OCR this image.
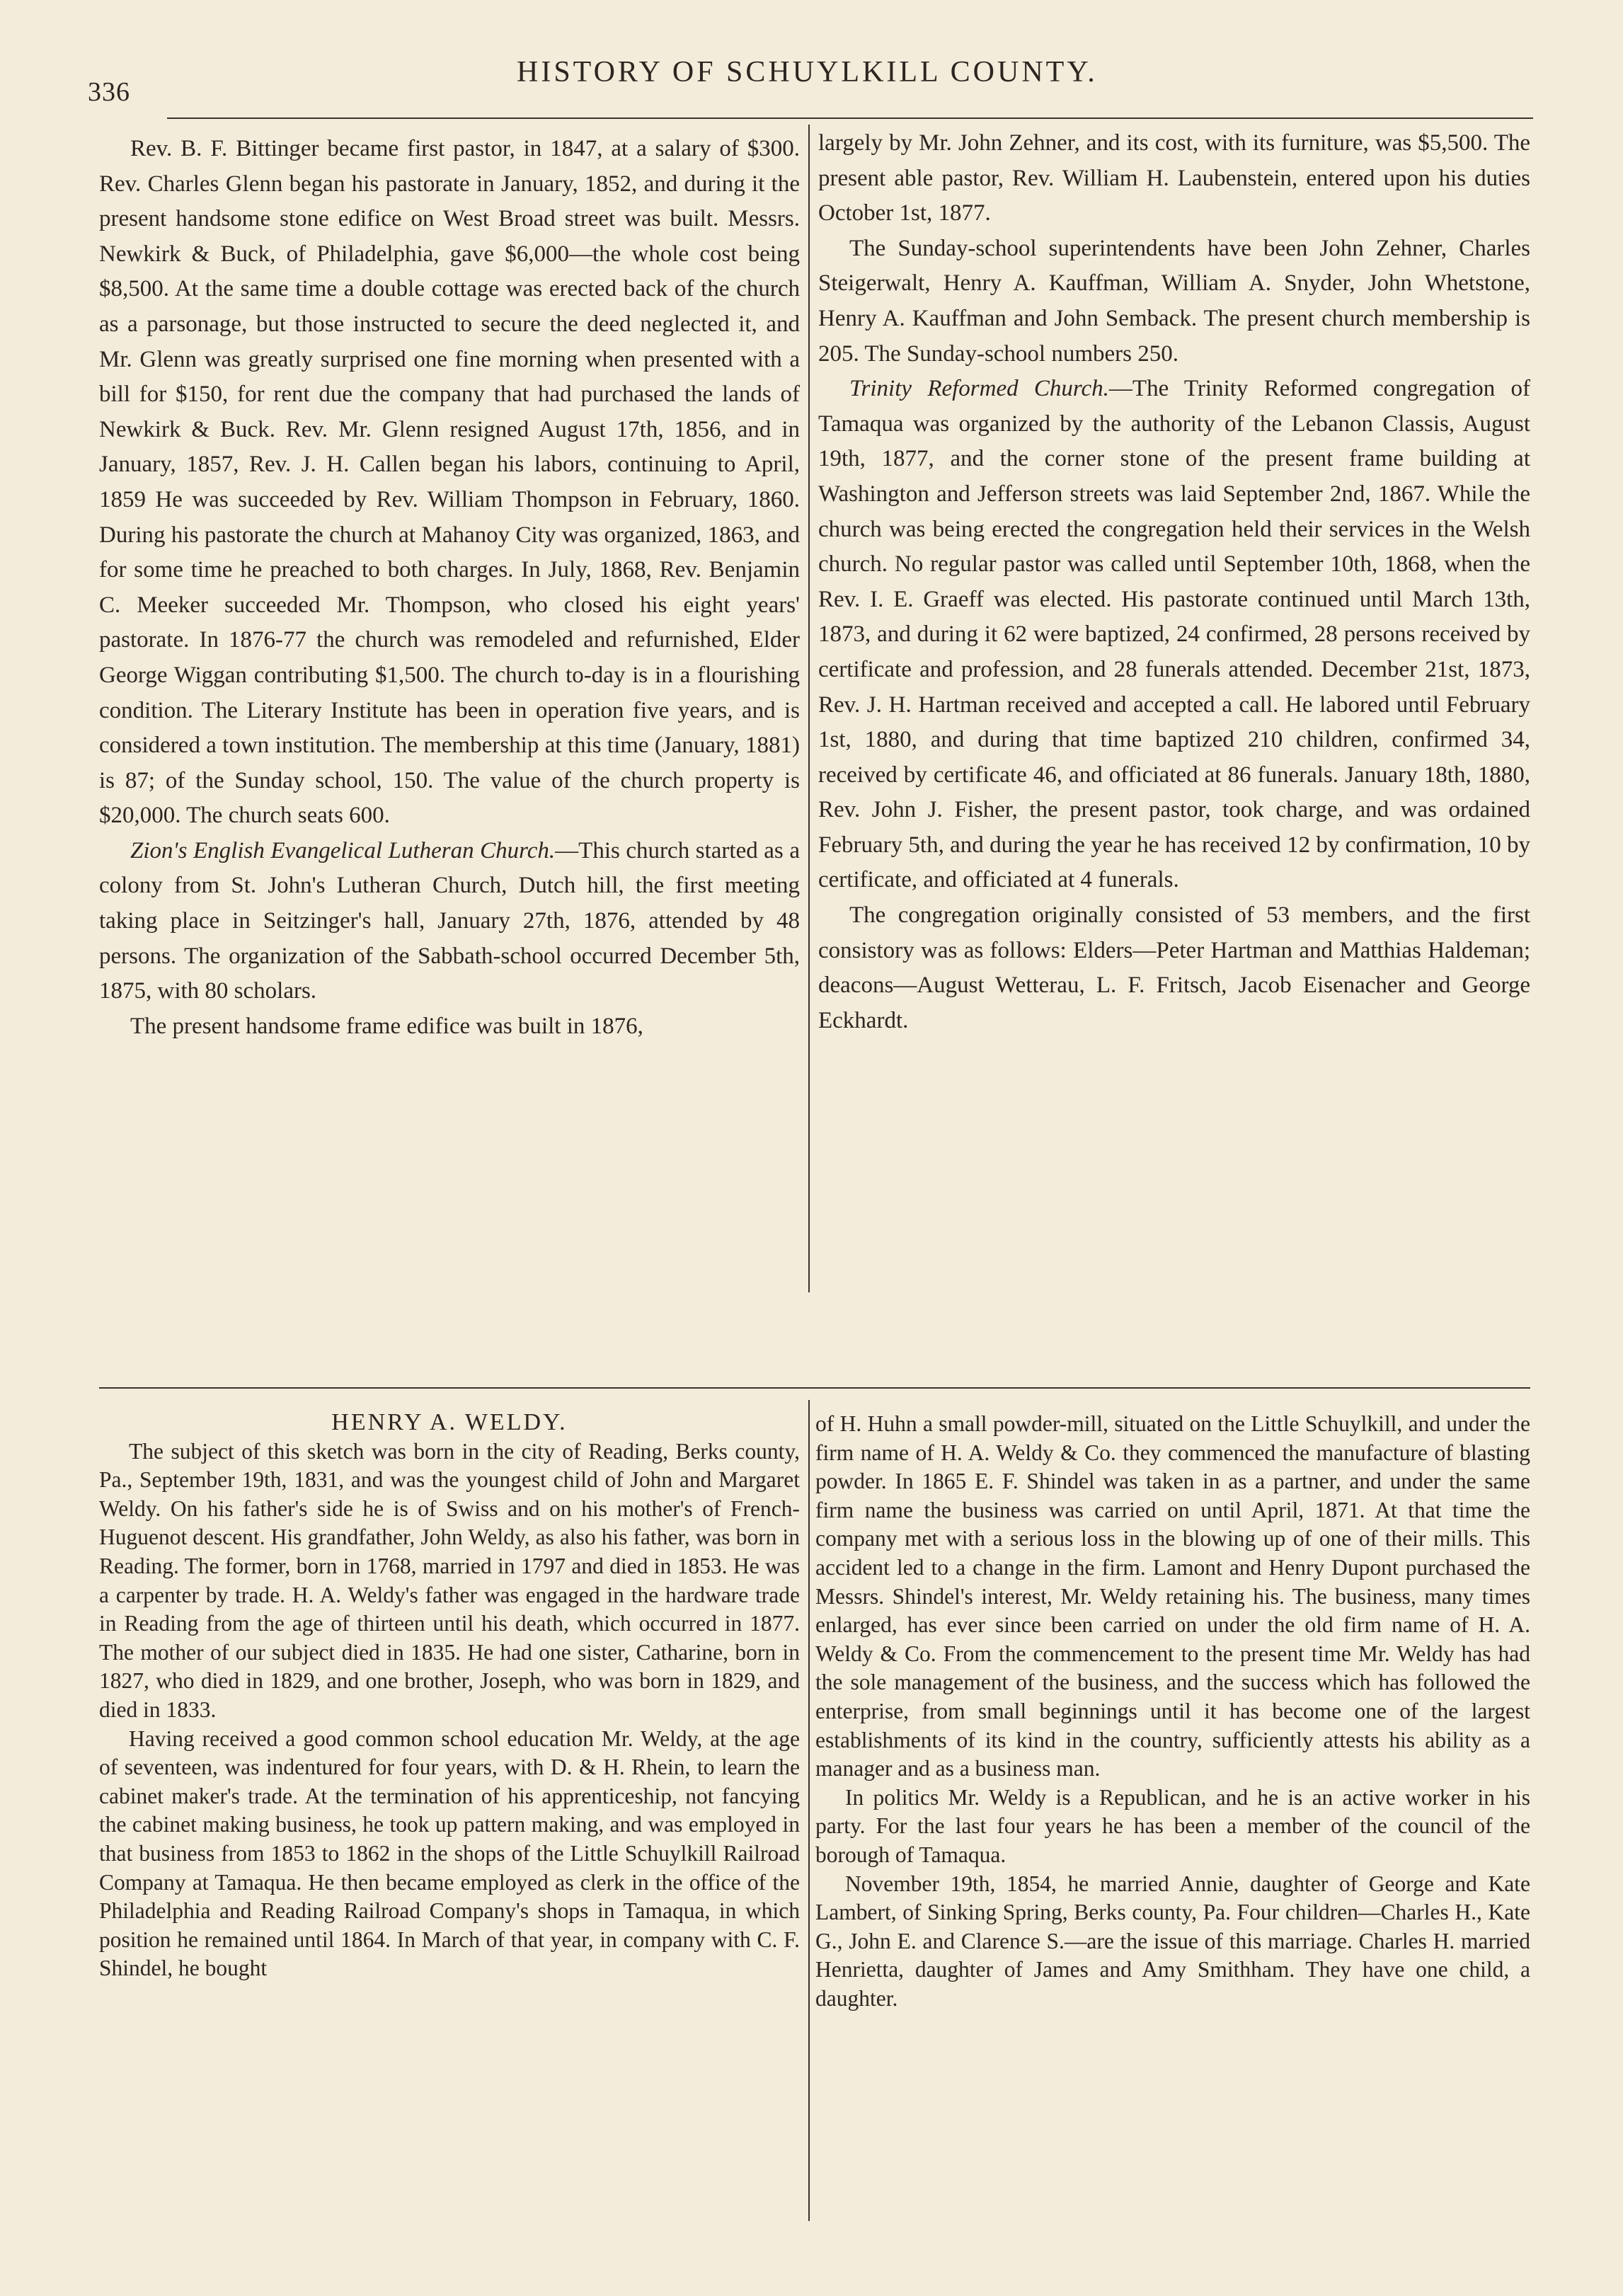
336
HISTORY OF SCHUYLKILL COUNTY.

Rev. B. F. Bittinger became first pastor, in 1847, at a salary of $300. Rev. Charles Glenn began his pastorate in January, 1852, and during it the present handsome stone edifice on West Broad street was built. Messrs. Newkirk & Buck, of Philadelphia, gave $6,000—the whole cost being $8,500. At the same time a double cottage was erected back of the church as a parsonage, but those instructed to secure the deed neglected it, and Mr. Glenn was greatly surprised one fine morning when presented with a bill for $150, for rent due the company that had purchased the lands of Newkirk & Buck. Rev. Mr. Glenn resigned August 17th, 1856, and in January, 1857, Rev. J. H. Callen began his labors, continuing to April, 1859 He was succeeded by Rev. William Thompson in February, 1860. During his pastorate the church at Mahanoy City was organized, 1863, and for some time he preached to both charges. In July, 1868, Rev. Benjamin C. Meeker succeeded Mr. Thompson, who closed his eight years' pastorate. In 1876-77 the church was remodeled and refurnished, Elder George Wiggan contributing $1,500. The church to-day is in a flourishing condition. The Literary Institute has been in operation five years, and is considered a town institution. The membership at this time (January, 1881) is 87; of the Sunday school, 150. The value of the church property is $20,000. The church seats 600.

Zion's English Evangelical Lutheran Church.—This church started as a colony from St. John's Lutheran Church, Dutch hill, the first meeting taking place in Seitzinger's hall, January 27th, 1876, attended by 48 persons. The organization of the Sabbath-school occurred December 5th, 1875, with 80 scholars.

The present handsome frame edifice was built in 1876,

largely by Mr. John Zehner, and its cost, with its furniture, was $5,500. The present able pastor, Rev. William H. Laubenstein, entered upon his duties October 1st, 1877.

The Sunday-school superintendents have been John Zehner, Charles Steigerwalt, Henry A. Kauffman, William A. Snyder, John Whetstone, Henry A. Kauffman and John Semback. The present church membership is 205. The Sunday-school numbers 250.

Trinity Reformed Church.—The Trinity Reformed congregation of Tamaqua was organized by the authority of the Lebanon Classis, August 19th, 1877, and the corner stone of the present frame building at Washington and Jefferson streets was laid September 2nd, 1867. While the church was being erected the congregation held their services in the Welsh church. No regular pastor was called until September 10th, 1868, when the Rev. I. E. Graeff was elected. His pastorate continued until March 13th, 1873, and during it 62 were baptized, 24 confirmed, 28 persons received by certificate and profession, and 28 funerals attended. December 21st, 1873, Rev. J. H. Hartman received and accepted a call. He labored until February 1st, 1880, and during that time baptized 210 children, confirmed 34, received by certificate 46, and officiated at 86 funerals. January 18th, 1880, Rev. John J. Fisher, the present pastor, took charge, and was ordained February 5th, and during the year he has received 12 by confirmation, 10 by certificate, and officiated at 4 funerals.

The congregation originally consisted of 53 members, and the first consistory was as follows: Elders—Peter Hartman and Matthias Haldeman; deacons—August Wetterau, L. F. Fritsch, Jacob Eisenacher and George Eckhardt.

HENRY A. WELDY.

The subject of this sketch was born in the city of Reading, Berks county, Pa., September 19th, 1831, and was the youngest child of John and Margaret Weldy. On his father's side he is of Swiss and on his mother's of French-Huguenot descent. His grandfather, John Weldy, as also his father, was born in Reading. The former, born in 1768, married in 1797 and died in 1853. He was a carpenter by trade. H. A. Weldy's father was engaged in the hardware trade in Reading from the age of thirteen until his death, which occurred in 1877. The mother of our subject died in 1835. He had one sister, Catharine, born in 1827, who died in 1829, and one brother, Joseph, who was born in 1829, and died in 1833.

Having received a good common school education Mr. Weldy, at the age of seventeen, was indentured for four years, with D. & H. Rhein, to learn the cabinet maker's trade. At the termination of his apprenticeship, not fancying the cabinet making business, he took up pattern making, and was employed in that business from 1853 to 1862 in the shops of the Little Schuylkill Railroad Company at Tamaqua. He then became employed as clerk in the office of the Philadelphia and Reading Railroad Company's shops in Tamaqua, in which position he remained until 1864. In March of that year, in company with C. F. Shindel, he bought

of H. Huhn a small powder-mill, situated on the Little Schuylkill, and under the firm name of H. A. Weldy & Co. they commenced the manufacture of blasting powder. In 1865 E. F. Shindel was taken in as a partner, and under the same firm name the business was carried on until April, 1871. At that time the company met with a serious loss in the blowing up of one of their mills. This accident led to a change in the firm. Lamont and Henry Dupont purchased the Messrs. Shindel's interest, Mr. Weldy retaining his. The business, many times enlarged, has ever since been carried on under the old firm name of H. A. Weldy & Co. From the commencement to the present time Mr. Weldy has had the sole management of the business, and the success which has followed the enterprise, from small beginnings until it has become one of the largest establishments of its kind in the country, sufficiently attests his ability as a manager and as a business man.

In politics Mr. Weldy is a Republican, and he is an active worker in his party. For the last four years he has been a member of the council of the borough of Tamaqua.

November 19th, 1854, he married Annie, daughter of George and Kate Lambert, of Sinking Spring, Berks county, Pa. Four children—Charles H., Kate G., John E. and Clarence S.—are the issue of this marriage. Charles H. married Henrietta, daughter of James and Amy Smithham. They have one child, a daughter.
